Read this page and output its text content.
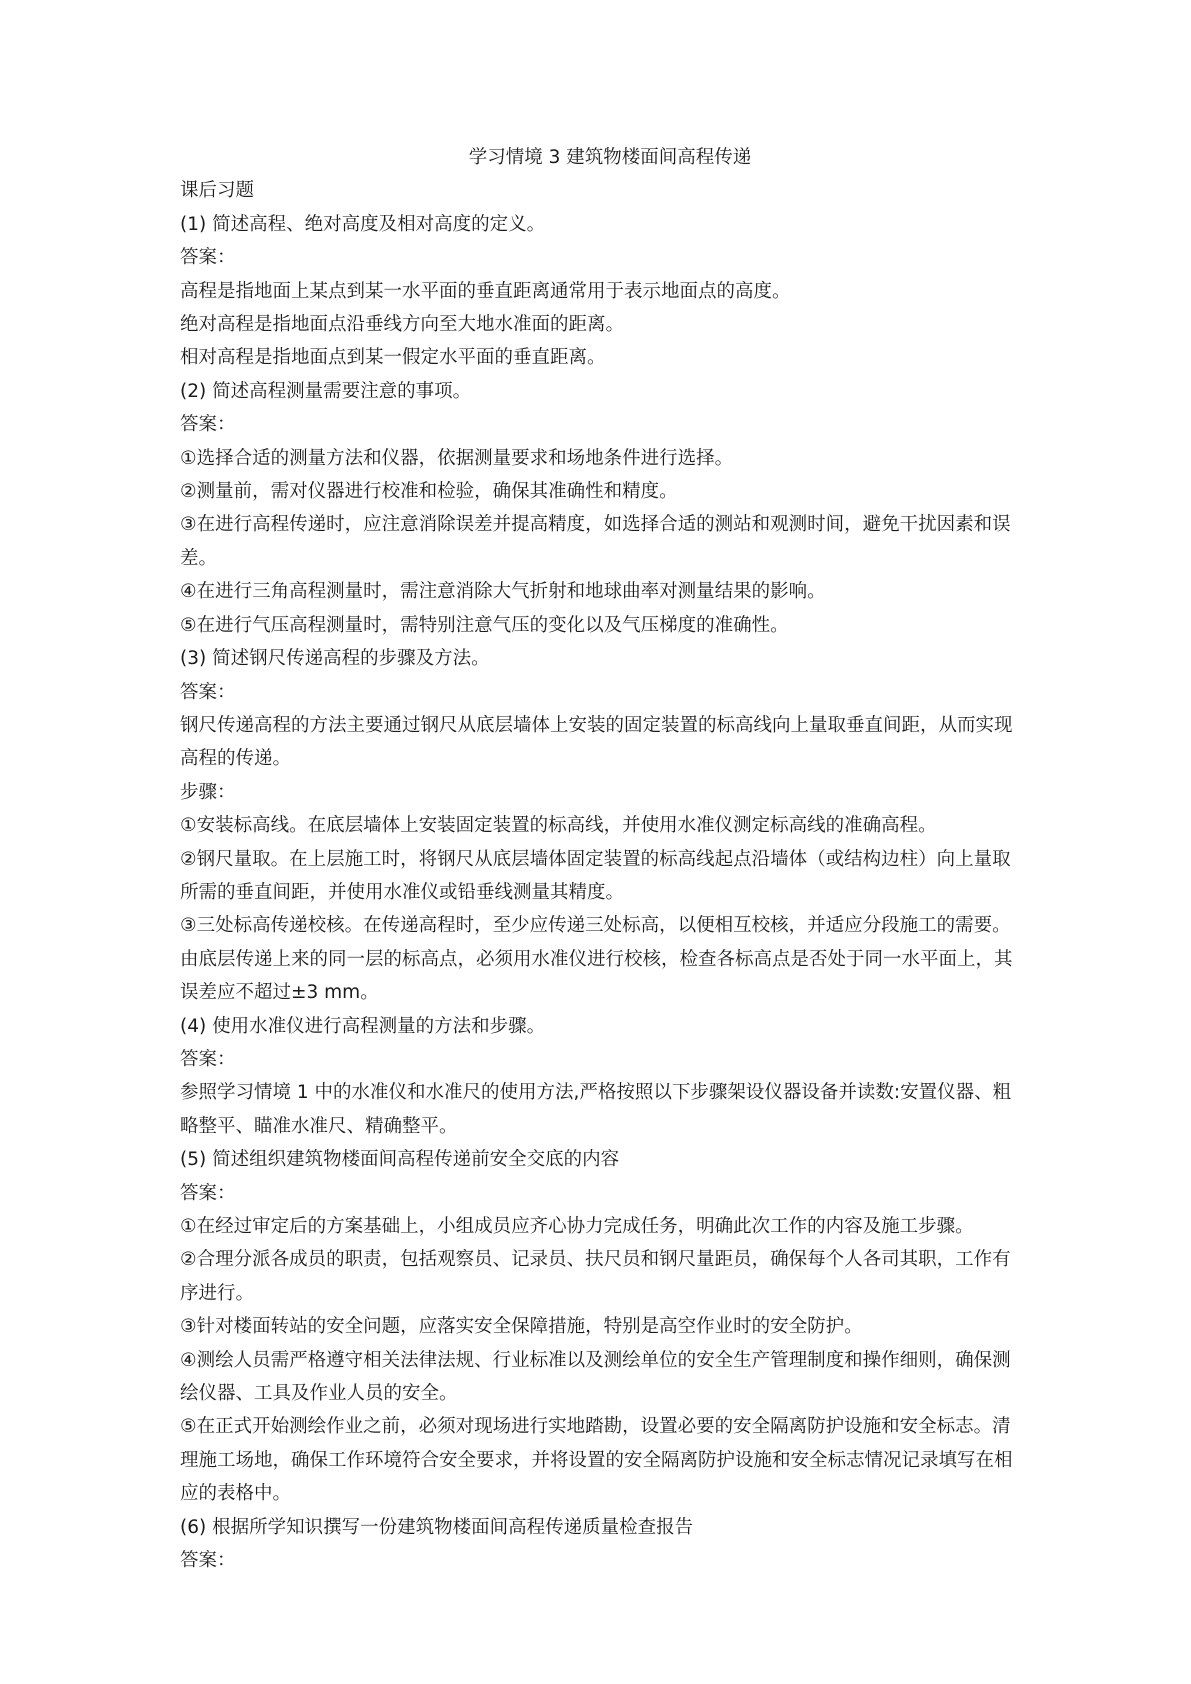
学习情境 3 建筑物楼面间高程传递

课后习题

(1) 简述高程、绝对高度及相对高度的定义。

答案：

高程是指地面上某点到某一水平面的垂直距离通常用于表示地面点的高度。

绝对高程是指地面点沿垂线方向至大地水准面的距离。

相对高程是指地面点到某一假定水平面的垂直距离。

(2) 简述高程测量需要注意的事项。

答案：

①选择合适的测量方法和仪器，依据测量要求和场地条件进行选择。

②测量前，需对仪器进行校准和检验，确保其准确性和精度。

③在进行高程传递时，应注意消除误差并提高精度，如选择合适的测站和观测时间，避免干扰因素和误差。

④在进行三角高程测量时，需注意消除大气折射和地球曲率对测量结果的影响。

⑤在进行气压高程测量时，需特别注意气压的变化以及气压梯度的准确性。

(3) 简述钢尺传递高程的步骤及方法。

答案：

钢尺传递高程的方法主要通过钢尺从底层墙体上安装的固定装置的标高线向上量取垂直间距，从而实现高程的传递。

步骤：

①安装标高线。在底层墙体上安装固定装置的标高线，并使用水准仪测定标高线的准确高程。

②钢尺量取。在上层施工时，将钢尺从底层墙体固定装置的标高线起点沿墙体（或结构边柱）向上量取所需的垂直间距，并使用水准仪或铅垂线测量其精度。

③三处标高传递校核。在传递高程时，至少应传递三处标高，以便相互校核，并适应分段施工的需要。由底层传递上来的同一层的标高点，必须用水准仪进行校核，检查各标高点是否处于同一水平面上，其误差应不超过±3 mm。

(4) 使用水准仪进行高程测量的方法和步骤。

答案：

参照学习情境 1 中的水准仪和水准尺的使用方法,严格按照以下步骤架设仪器设备并读数:安置仪器、粗略整平、瞄准水准尺、精确整平。

(5) 简述组织建筑物楼面间高程传递前安全交底的内容

答案：

①在经过审定后的方案基础上，小组成员应齐心协力完成任务，明确此次工作的内容及施工步骤。

②合理分派各成员的职责，包括观察员、记录员、扶尺员和钢尺量距员，确保每个人各司其职，工作有序进行。

③针对楼面转站的安全问题，应落实安全保障措施，特别是高空作业时的安全防护。

④测绘人员需严格遵守相关法律法规、行业标准以及测绘单位的安全生产管理制度和操作细则，确保测绘仪器、工具及作业人员的安全。

⑤在正式开始测绘作业之前，必须对现场进行实地踏勘，设置必要的安全隔离防护设施和安全标志。清理施工场地，确保工作环境符合安全要求，并将设置的安全隔离防护设施和安全标志情况记录填写在相应的表格中。

(6) 根据所学知识撰写一份建筑物楼面间高程传递质量检查报告

答案：
